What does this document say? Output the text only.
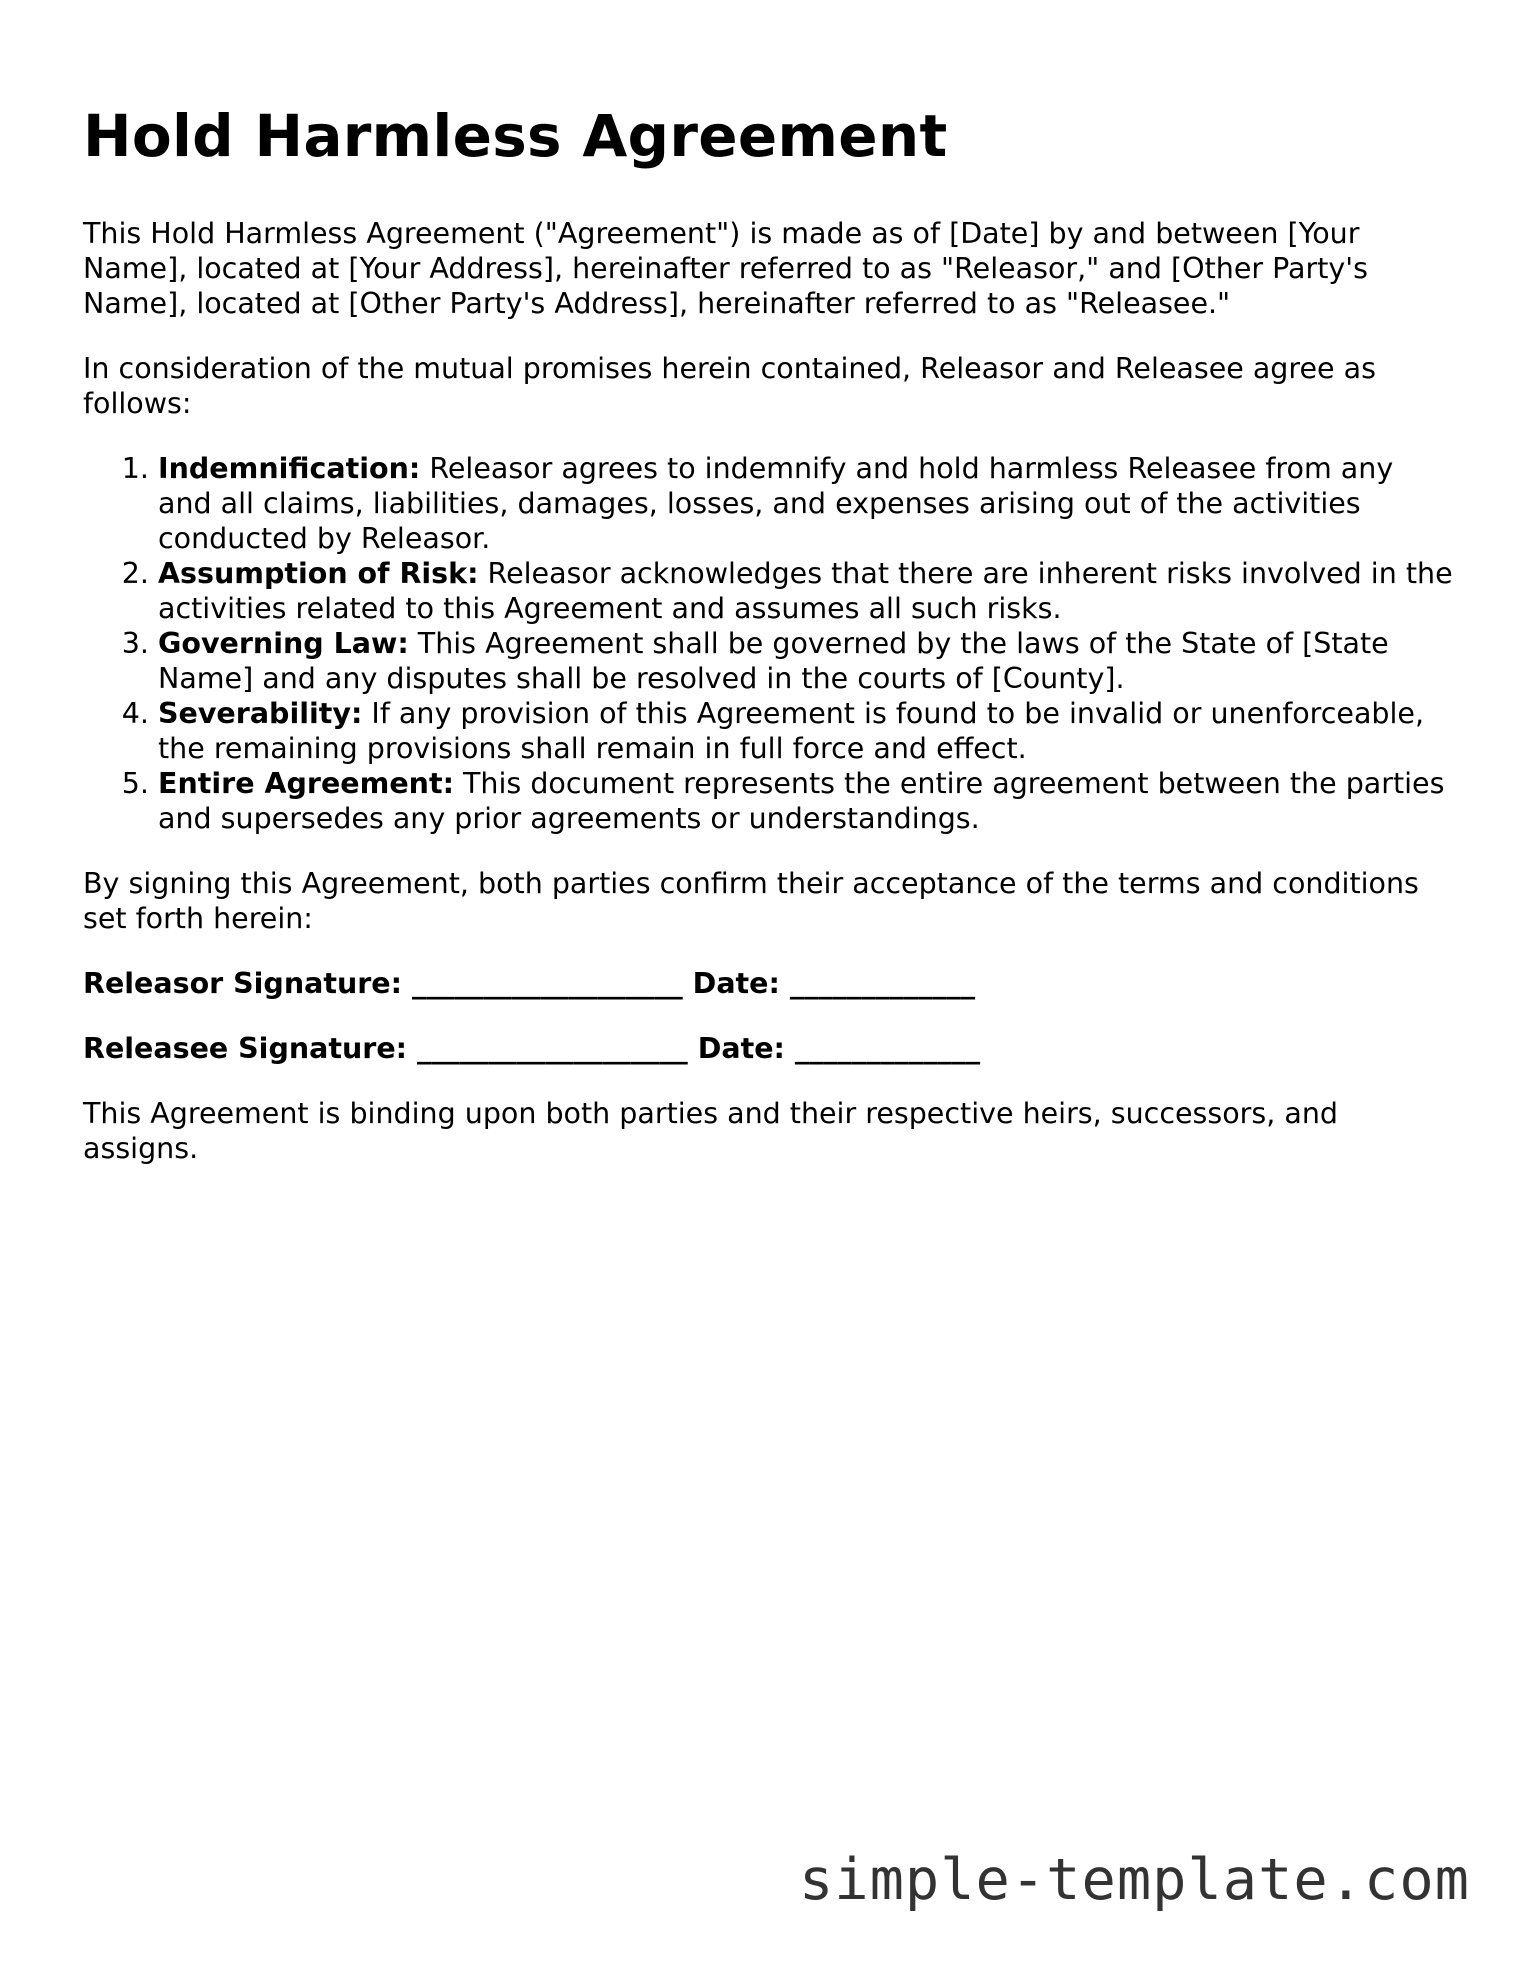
Hold Harmless Agreement

This Hold Harmless Agreement ("Agreement") is made as of [Date] by and between [Your Name], located at [Your Address], hereinafter referred to as "Releasor," and [Other Party's Name], located at [Other Party's Address], hereinafter referred to as "Releasee."

In consideration of the mutual promises herein contained, Releasor and Releasee agree as follows:

1. Indemnification: Releasor agrees to indemnify and hold harmless Releasee from any and all claims, liabilities, damages, losses, and expenses arising out of the activities conducted by Releasor.
2. Assumption of Risk: Releasor acknowledges that there are inherent risks involved in the activities related to this Agreement and assumes all such risks.
3. Governing Law: This Agreement shall be governed by the laws of the State of [State Name] and any disputes shall be resolved in the courts of [County].
4. Severability: If any provision of this Agreement is found to be invalid or unenforceable, the remaining provisions shall remain in full force and effect.
5. Entire Agreement: This document represents the entire agreement between the parties and supersedes any prior agreements or understandings.

By signing this Agreement, both parties confirm their acceptance of the terms and conditions set forth herein:

Releasor Signature: ___________________ Date: _____________

Releasee Signature: ___________________ Date: _____________

This Agreement is binding upon both parties and their respective heirs, successors, and assigns.

simple-template.com
